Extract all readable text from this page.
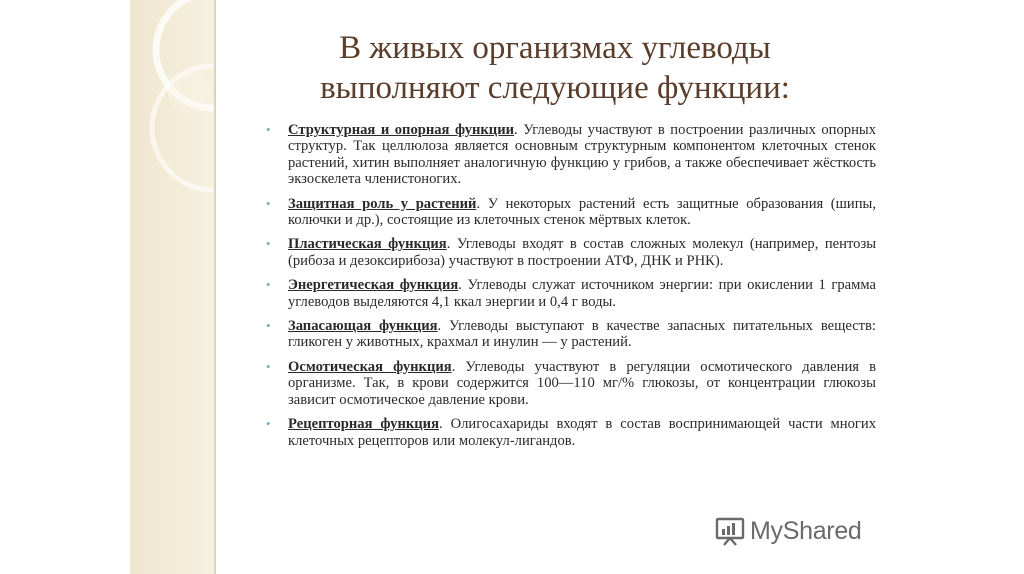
В живых организмах углеводы выполняют следующие функции:
• Структурная и опорная функции. Углеводы участвуют в построении различных опорных структур. Так целлюлоза является основным структурным компонентом клеточных стенок растений, хитин выполняет аналогичную функцию у грибов, а также обеспечивает жёсткость экзоскелета членистоногих.
• Защитная роль у растений. У некоторых растений есть защитные образования (шипы, колючки и др.), состоящие из клеточных стенок мёртвых клеток.
• Пластическая функция. Углеводы входят в состав сложных молекул (например, пентозы (рибоза и дезоксирибоза) участвуют в построении АТФ, ДНК и РНК).
• Энергетическая функция. Углеводы служат источником энергии: при окислении 1 грамма углеводов выделяются 4,1 ккал энергии и 0,4 г воды.
• Запасающая функция. Углеводы выступают в качестве запасных питательных веществ: гликоген у животных, крахмал и инулин — у растений.
• Осмотическая функция. Углеводы участвуют в регуляции осмотического давления в организме. Так, в крови содержится 100—110 мг/% глюкозы, от концентрации глюкозы зависит осмотическое давление крови.
• Рецепторная функция. Олигосахариды входят в состав воспринимающей части многих клеточных рецепторов или молекул-лигандов.
MyShared
